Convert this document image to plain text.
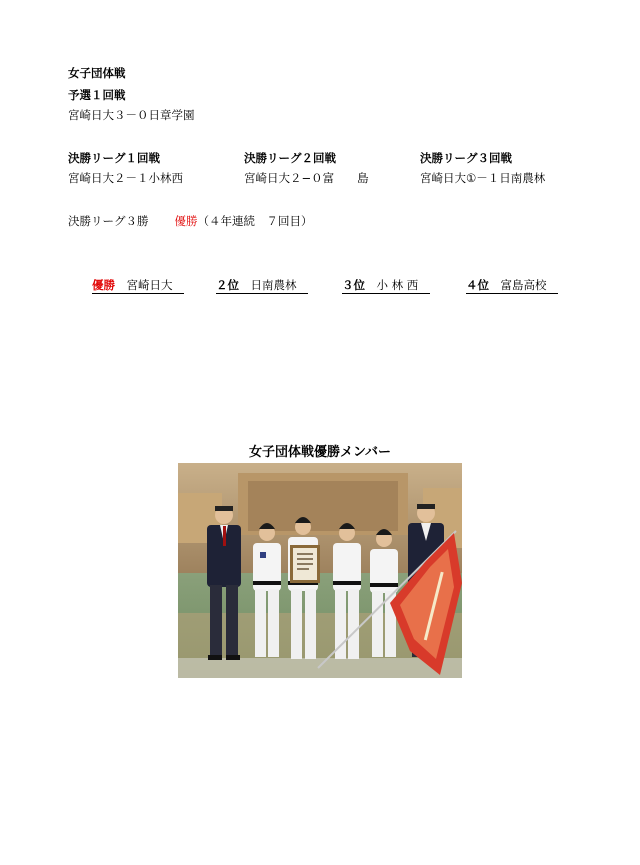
女子団体戦
予選１回戦
宮崎日大３－０日章学園
決勝リーグ１回戦
宮崎日大２－１小林西
決勝リーグ２回戦
宮崎日大２−０富　　島
決勝リーグ３回戦
宮崎日大①－１日南農林
決勝リーグ３勝 優勝（４年連続　７回目）
優勝　 宮崎日大　	２位　 日南農林　	３位　 小 林 西　	４位　 富島高校　
女子団体戦優勝メンバー
